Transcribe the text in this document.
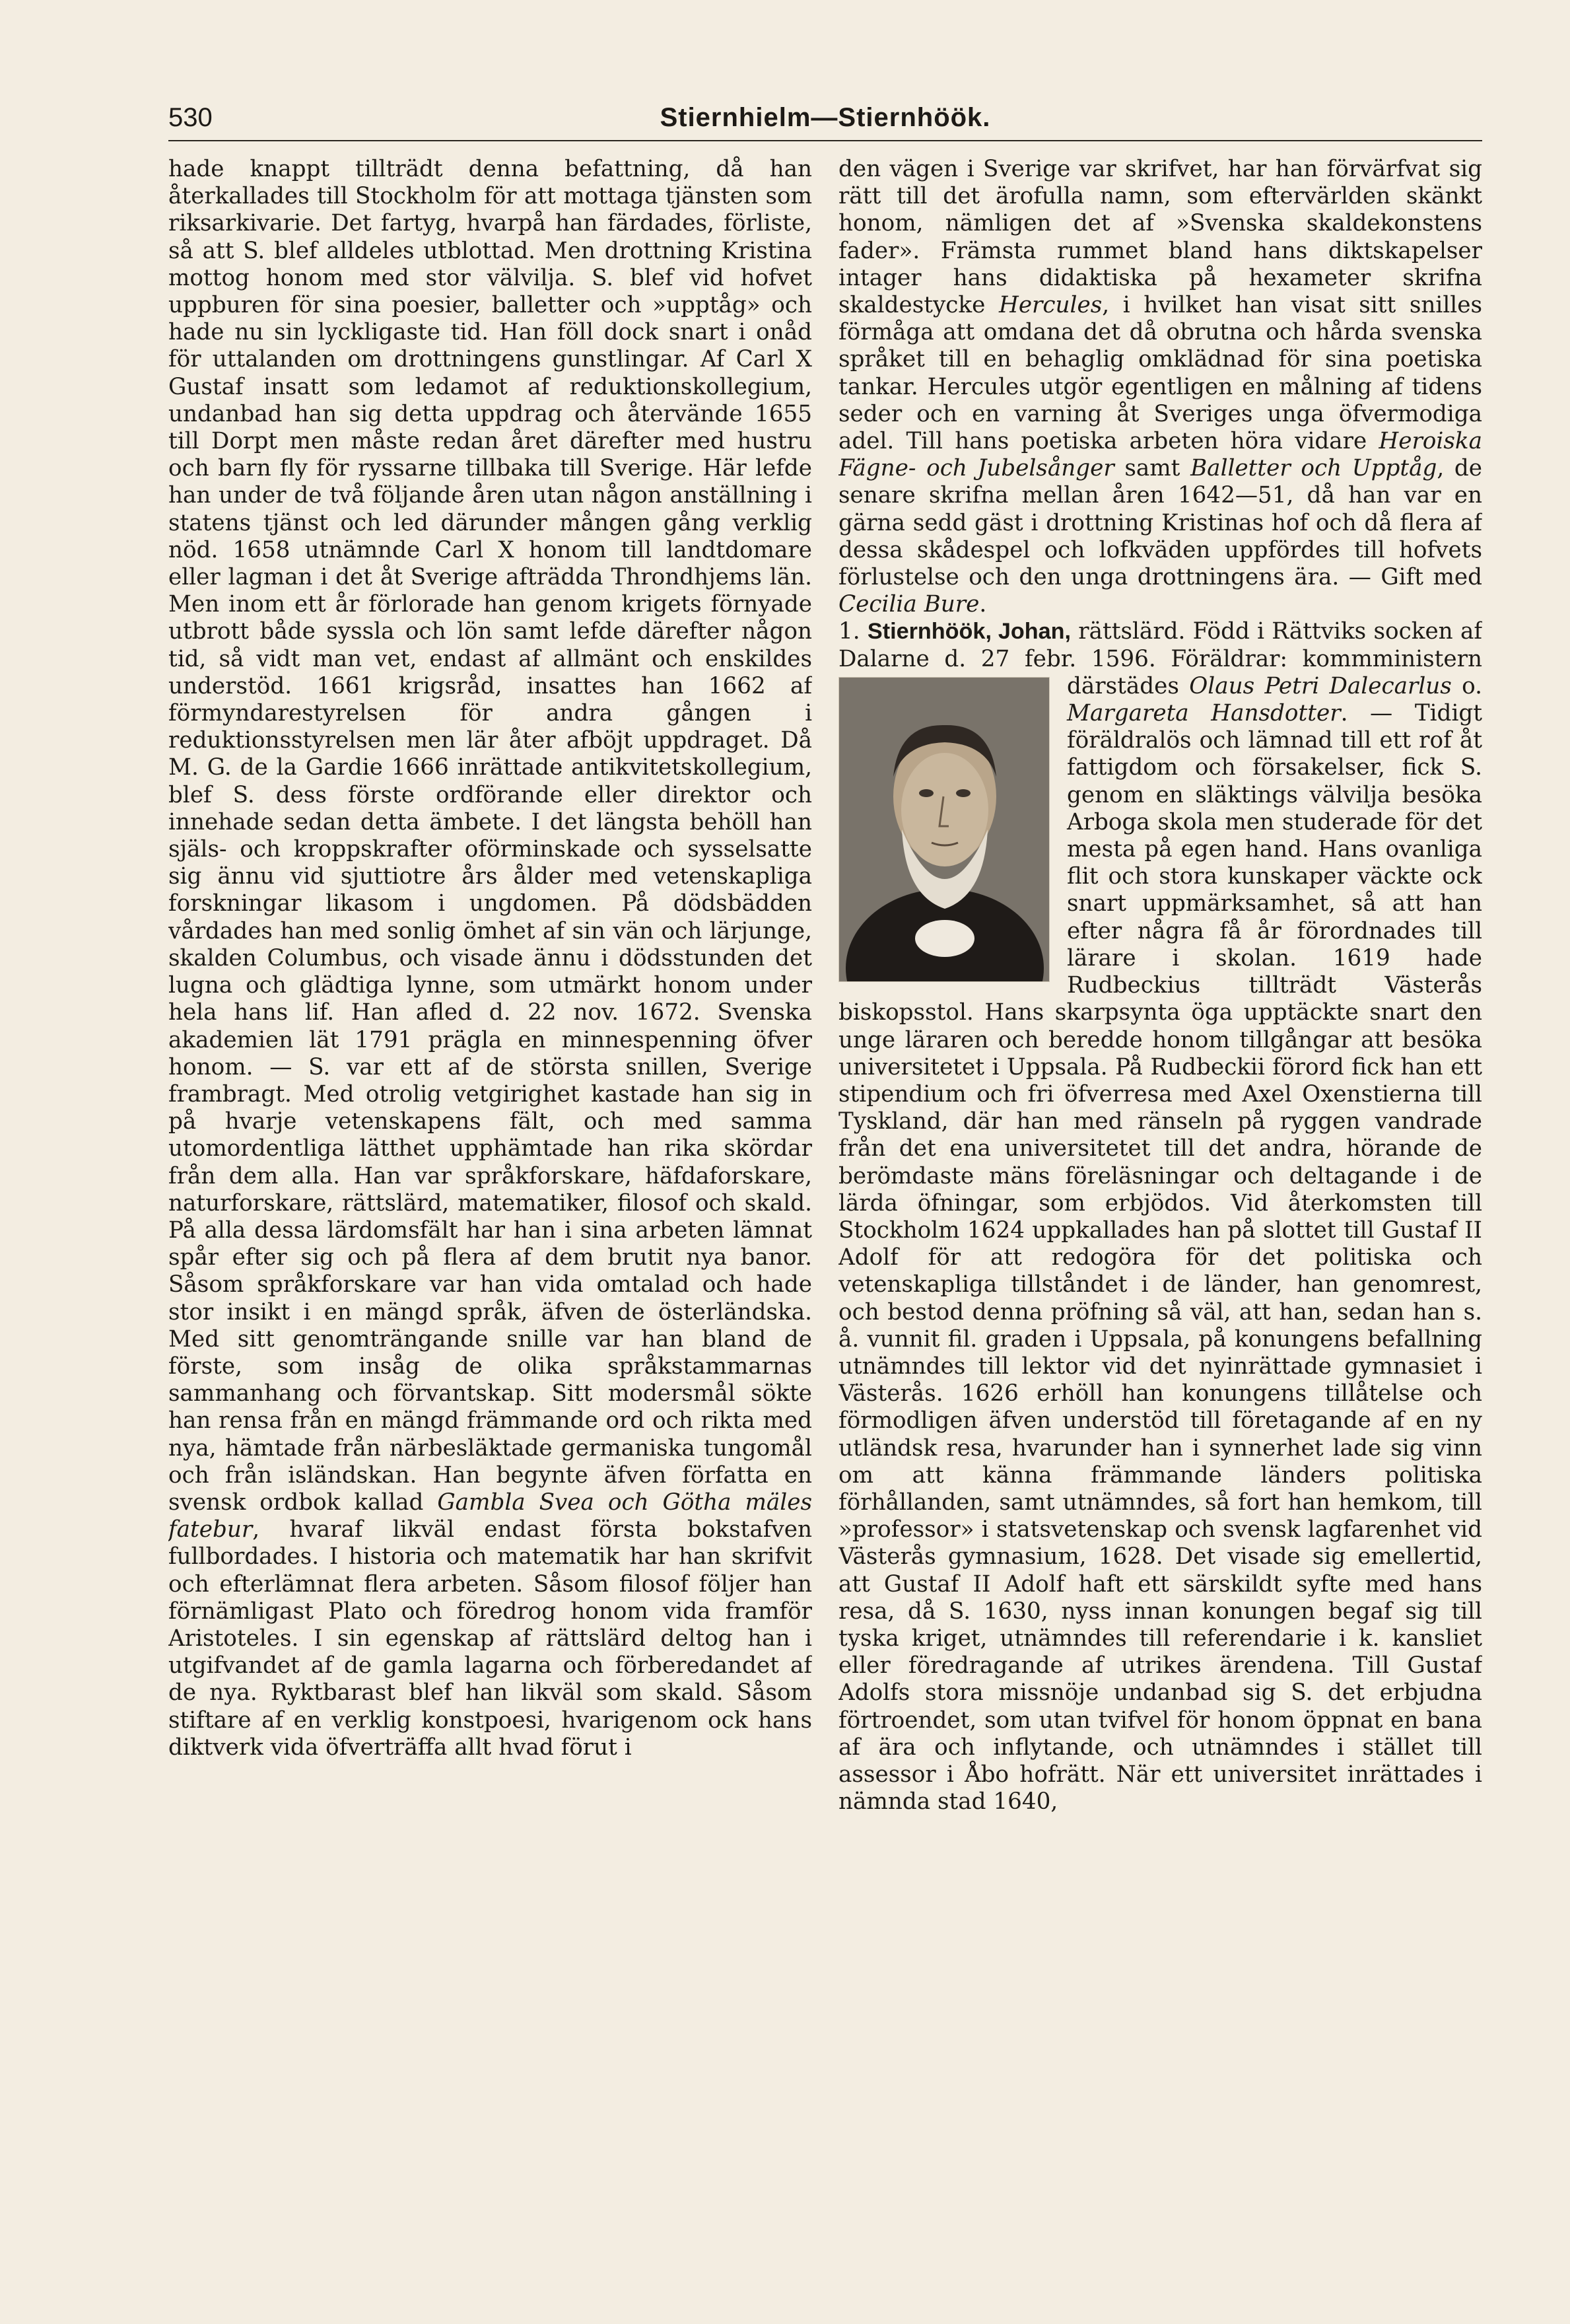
530	Stiernhielm—Stiernhöök.

hade knappt tillträdt denna befattning, då han återkallades till Stockholm för att mottaga tjänsten som riksarkivarie. Det fartyg, hvarpå han färdades, förliste, så att S. blef alldeles utblottad. Men drottning Kristina mottog honom med stor välvilja. S. blef vid hofvet uppburen för sina poesier, balletter och »upptåg» och hade nu sin lyckligaste tid. Han föll dock snart i onåd för uttalanden om drottningens gunstlingar. Af Carl X Gustaf insatt som ledamot af reduktionskollegium, undanbad han sig detta uppdrag och återvände 1655 till Dorpt men måste redan året därefter med hustru och barn fly för ryssarne tillbaka till Sverige. Här lefde han under de två följande åren utan någon anställning i statens tjänst och led därunder mången gång verklig nöd. 1658 utnämnde Carl X honom till landtdomare eller lagman i det åt Sverige afträdda Throndhjems län. Men inom ett år förlorade han genom krigets förnyade utbrott både syssla och lön samt lefde därefter någon tid, så vidt man vet, endast af allmänt och enskildes understöd. 1661 krigsråd, insattes han 1662 af förmyndarestyrelsen för andra gången i reduktionsstyrelsen men lär åter afböjt uppdraget. Då M. G. de la Gardie 1666 inrättade antikvitetskollegium, blef S. dess förste ordförande eller direktor och innehade sedan detta ämbete. I det längsta behöll han själs- och kroppskrafter oförminskade och sysselsatte sig ännu vid sjuttiotre års ålder med vetenskapliga forskningar likasom i ungdomen. På dödsbädden vårdades han med sonlig ömhet af sin vän och lärjunge, skalden Columbus, och visade ännu i dödsstunden det lugna och glädtiga lynne, som utmärkt honom under hela hans lif. Han afled d. 22 nov. 1672. Svenska akademien lät 1791 prägla en minnespenning öfver honom. — S. var ett af de största snillen, Sverige frambragt. Med otrolig vetgirighet kastade han sig in på hvarje vetenskapens fält, och med samma utomordentliga lätthet upphämtade han rika skördar från dem alla. Han var språkforskare, häfdaforskare, naturforskare, rättslärd, matematiker, filosof och skald. På alla dessa lärdomsfält har han i sina arbeten lämnat spår efter sig och på flera af dem brutit nya banor. Såsom språkforskare var han vida omtalad och hade stor insikt i en mängd språk, äfven de österländska. Med sitt genomträngande snille var han bland de förste, som insåg de olika språkstammarnas sammanhang och förvantskap. Sitt modersmål sökte han rensa från en mängd främmande ord och rikta med nya, hämtade från närbesläktade germaniska tungomål och från isländskan. Han begynte äfven författa en svensk ordbok kallad Gambla Svea och Götha mäles fatebur, hvaraf likväl endast första bokstafven fullbordades. I historia och matematik har han skrifvit och efterlämnat flera arbeten. Såsom filosof följer han förnämligast Plato och föredrog honom vida framför Aristoteles. I sin egenskap af rättslärd deltog han i utgifvandet af de gamla lagarna och förberedandet af de nya. Ryktbarast blef han likväl som skald. Såsom stiftare af en verklig konstpoesi, hvarigenom ock hans diktverk vida öfverträffa allt hvad förut i

den vägen i Sverige var skrifvet, har han förvärfvat sig rätt till det ärofulla namn, som eftervärlden skänkt honom, nämligen det af »Svenska skaldekonstens fader». Främsta rummet bland hans diktskapelser intager hans didaktiska på hexameter skrifna skaldestycke Hercules, i hvilket han visat sitt snilles förmåga att omdana det då obrutna och hårda svenska språket till en behaglig omklädnad för sina poetiska tankar. Hercules utgör egentligen en målning af tidens seder och en varning åt Sveriges unga öfvermodiga adel. Till hans poetiska arbeten höra vidare Heroiska Fägne- och Jubelsånger samt Balletter och Upptåg, de senare skrifna mellan åren 1642—51, då han var en gärna sedd gäst i drottning Kristinas hof och då flera af dessa skådespel och lofkväden uppfördes till hofvets förlustelse och den unga drottningens ära. — Gift med Cecilia Bure.

1. Stiernhöök, Johan, rättslärd. Född i Rättviks socken af Dalarne d. 27 febr. 1596. Föräldrar: kommministern därstädes
Olaus Petri Dalecarlus o. Margareta Hansdotter. — Tidigt föräldralös och lämnad till ett rof åt fattigdom och försakelser, fick S. genom en släktings välvilja besöka Arboga skola men studerade för det mesta på egen hand. Hans ovanliga flit och stora kunskaper väckte ock snart uppmärksamhet, så att han efter några få år förordnades till lärare i skolan. 1619 hade Rudbeckius tillträdt Västerås biskopsstol. Hans skarpsynta öga upptäckte snart den unge läraren och beredde honom tillgångar att besöka universitetet i Uppsala. På Rudbeckii förord fick han ett stipendium och fri öfverresa med Axel Oxenstierna till Tyskland, där han med ränseln på ryggen vandrade från det ena universitetet till det andra, hörande de berömdaste mäns föreläsningar och deltagande i de lärda öfningar, som erbjödos. Vid återkomsten till Stockholm 1624 uppkallades han på slottet till Gustaf II Adolf för att redogöra för det politiska och vetenskapliga tillståndet i de länder, han genomrest, och bestod denna pröfning så väl, att han, sedan han s. å. vunnit fil. graden i Uppsala, på konungens befallning utnämndes till lektor vid det nyinrättade gymnasiet i Västerås. 1626 erhöll han konungens tillåtelse och förmodligen äfven understöd till företagande af en ny utländsk resa, hvarunder han i synnerhet lade sig vinn om att känna främmande länders politiska förhållanden, samt utnämndes, så fort han hemkom, till »professor» i statsvetenskap och svensk lagfarenhet vid Västerås gymnasium, 1628. Det visade sig emellertid, att Gustaf II Adolf haft ett särskildt syfte med hans resa, då S. 1630, nyss innan konungen begaf sig till tyska kriget, utnämndes till referendarie i k. kansliet eller föredragande af utrikes ärendena. Till Gustaf Adolfs stora missnöje undanbad sig S. det erbjudna förtroendet, som utan tvifvel för honom öppnat en bana af ära och inflytande, och utnämndes i stället till assessor i Åbo hofrätt. När ett universitet inrättades i nämnda stad 1640,
